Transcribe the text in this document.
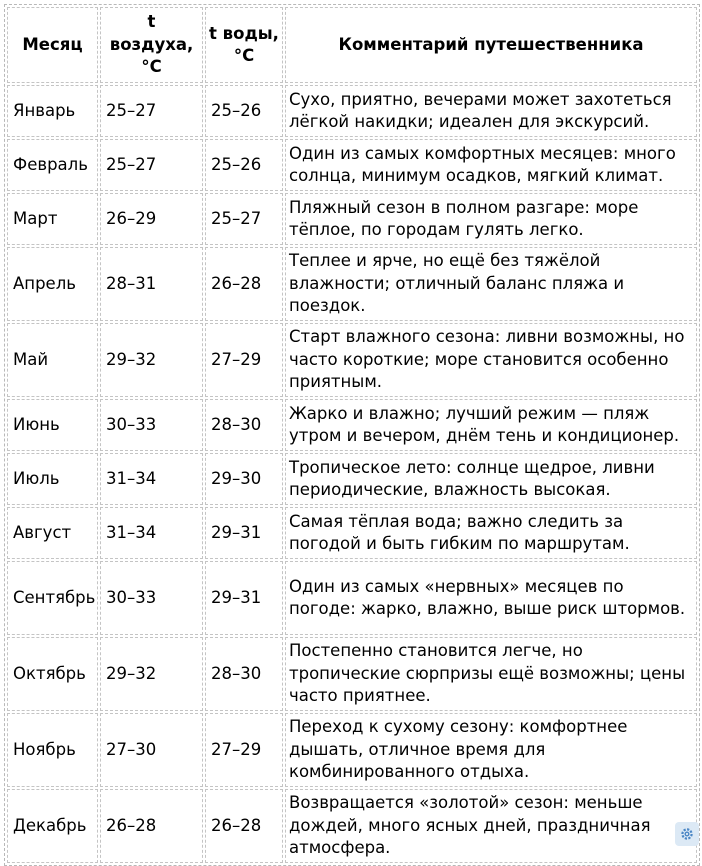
Месяц	t воздуха, °C	t воды, °C	Комментарий путешественника
Январь	25–27	25–26	Сухо, приятно, вечерами может захотеться лёгкой накидки; идеален для экскурсий.
Февраль	25–27	25–26	Один из самых комфортных месяцев: много солнца, минимум осадков, мягкий климат.
Март	26–29	25–27	Пляжный сезон в полном разгаре: море тёплое, по городам гулять легко.
Апрель	28–31	26–28	Теплее и ярче, но ещё без тяжёлой влажности; отличный баланс пляжа и поездок.
Май	29–32	27–29	Старт влажного сезона: ливни возможны, но часто короткие; море становится особенно приятным.
Июнь	30–33	28–30	Жарко и влажно; лучший режим — пляж утром и вечером, днём тень и кондиционер.
Июль	31–34	29–30	Тропическое лето: солнце щедрое, ливни периодические, влажность высокая.
Август	31–34	29–31	Самая тёплая вода; важно следить за погодой и быть гибким по маршрутам.
Сентябрь	30–33	29–31	Один из самых «нервных» месяцев по погоде: жарко, влажно, выше риск штормов.
Октябрь	29–32	28–30	Постепенно становится легче, но тропические сюрпризы ещё возможны; цены часто приятнее.
Ноябрь	27–30	27–29	Переход к сухому сезону: комфортнее дышать, отличное время для комбинированного отдыха.
Декабрь	26–28	26–28	Возвращается «золотой» сезон: меньше дождей, много ясных дней, праздничная атмосфера.
